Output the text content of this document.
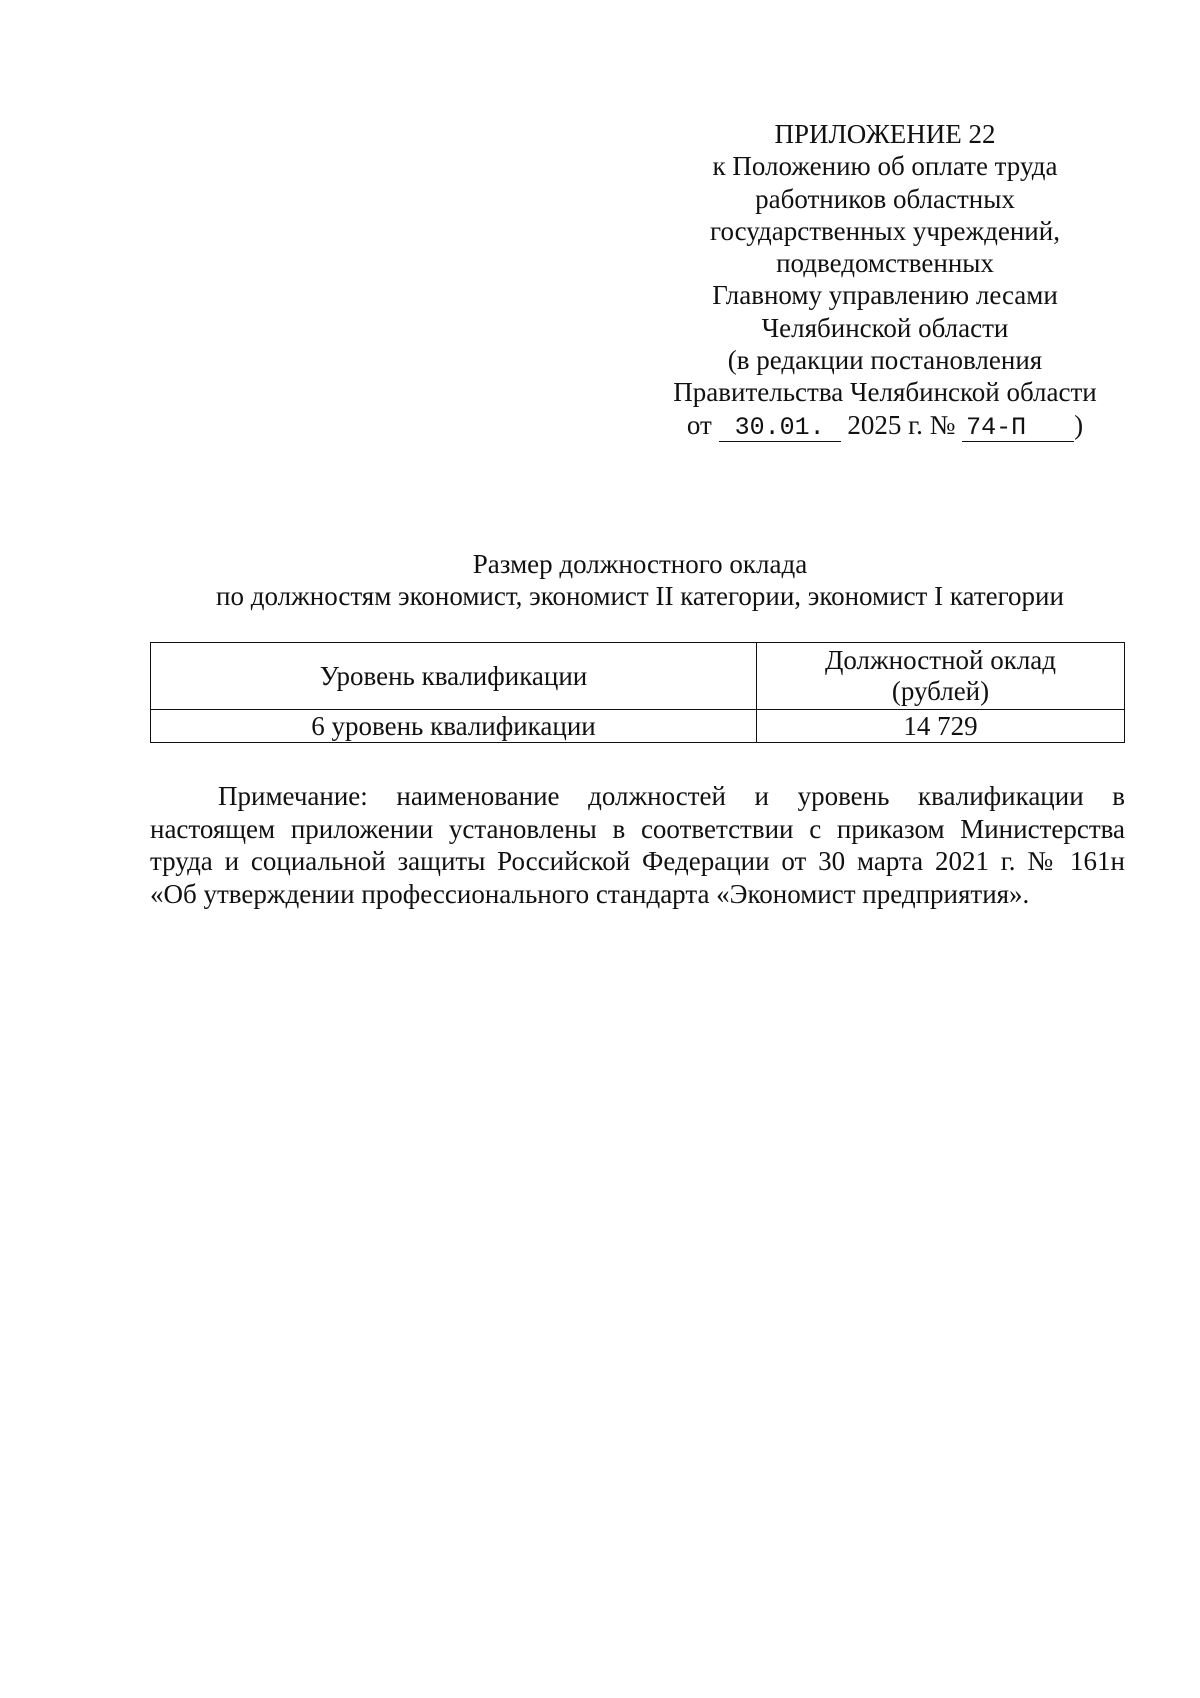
ПРИЛОЖЕНИЕ 22
к Положению об оплате труда
работников областных
государственных учреждений,
подведомственных
Главному управлению лесами
Челябинской области
(в редакции постановления
Правительства Челябинской области
от 30.01. 2025 г. № 74-П )
Размер должностного оклада
по должностям экономист, экономист II категории, экономист I категории
Уровень квалификации	Должностной оклад
(рублей)

6 уровень квалификации	14 729
Примечание: наименование должностей и уровень квалификации в
настоящем приложении установлены в соответствии с приказом Министерства
труда и социальной защиты Российской Федерации от 30 марта 2021 г. № 161н
«Об утверждении профессионального стандарта «Экономист предприятия».
